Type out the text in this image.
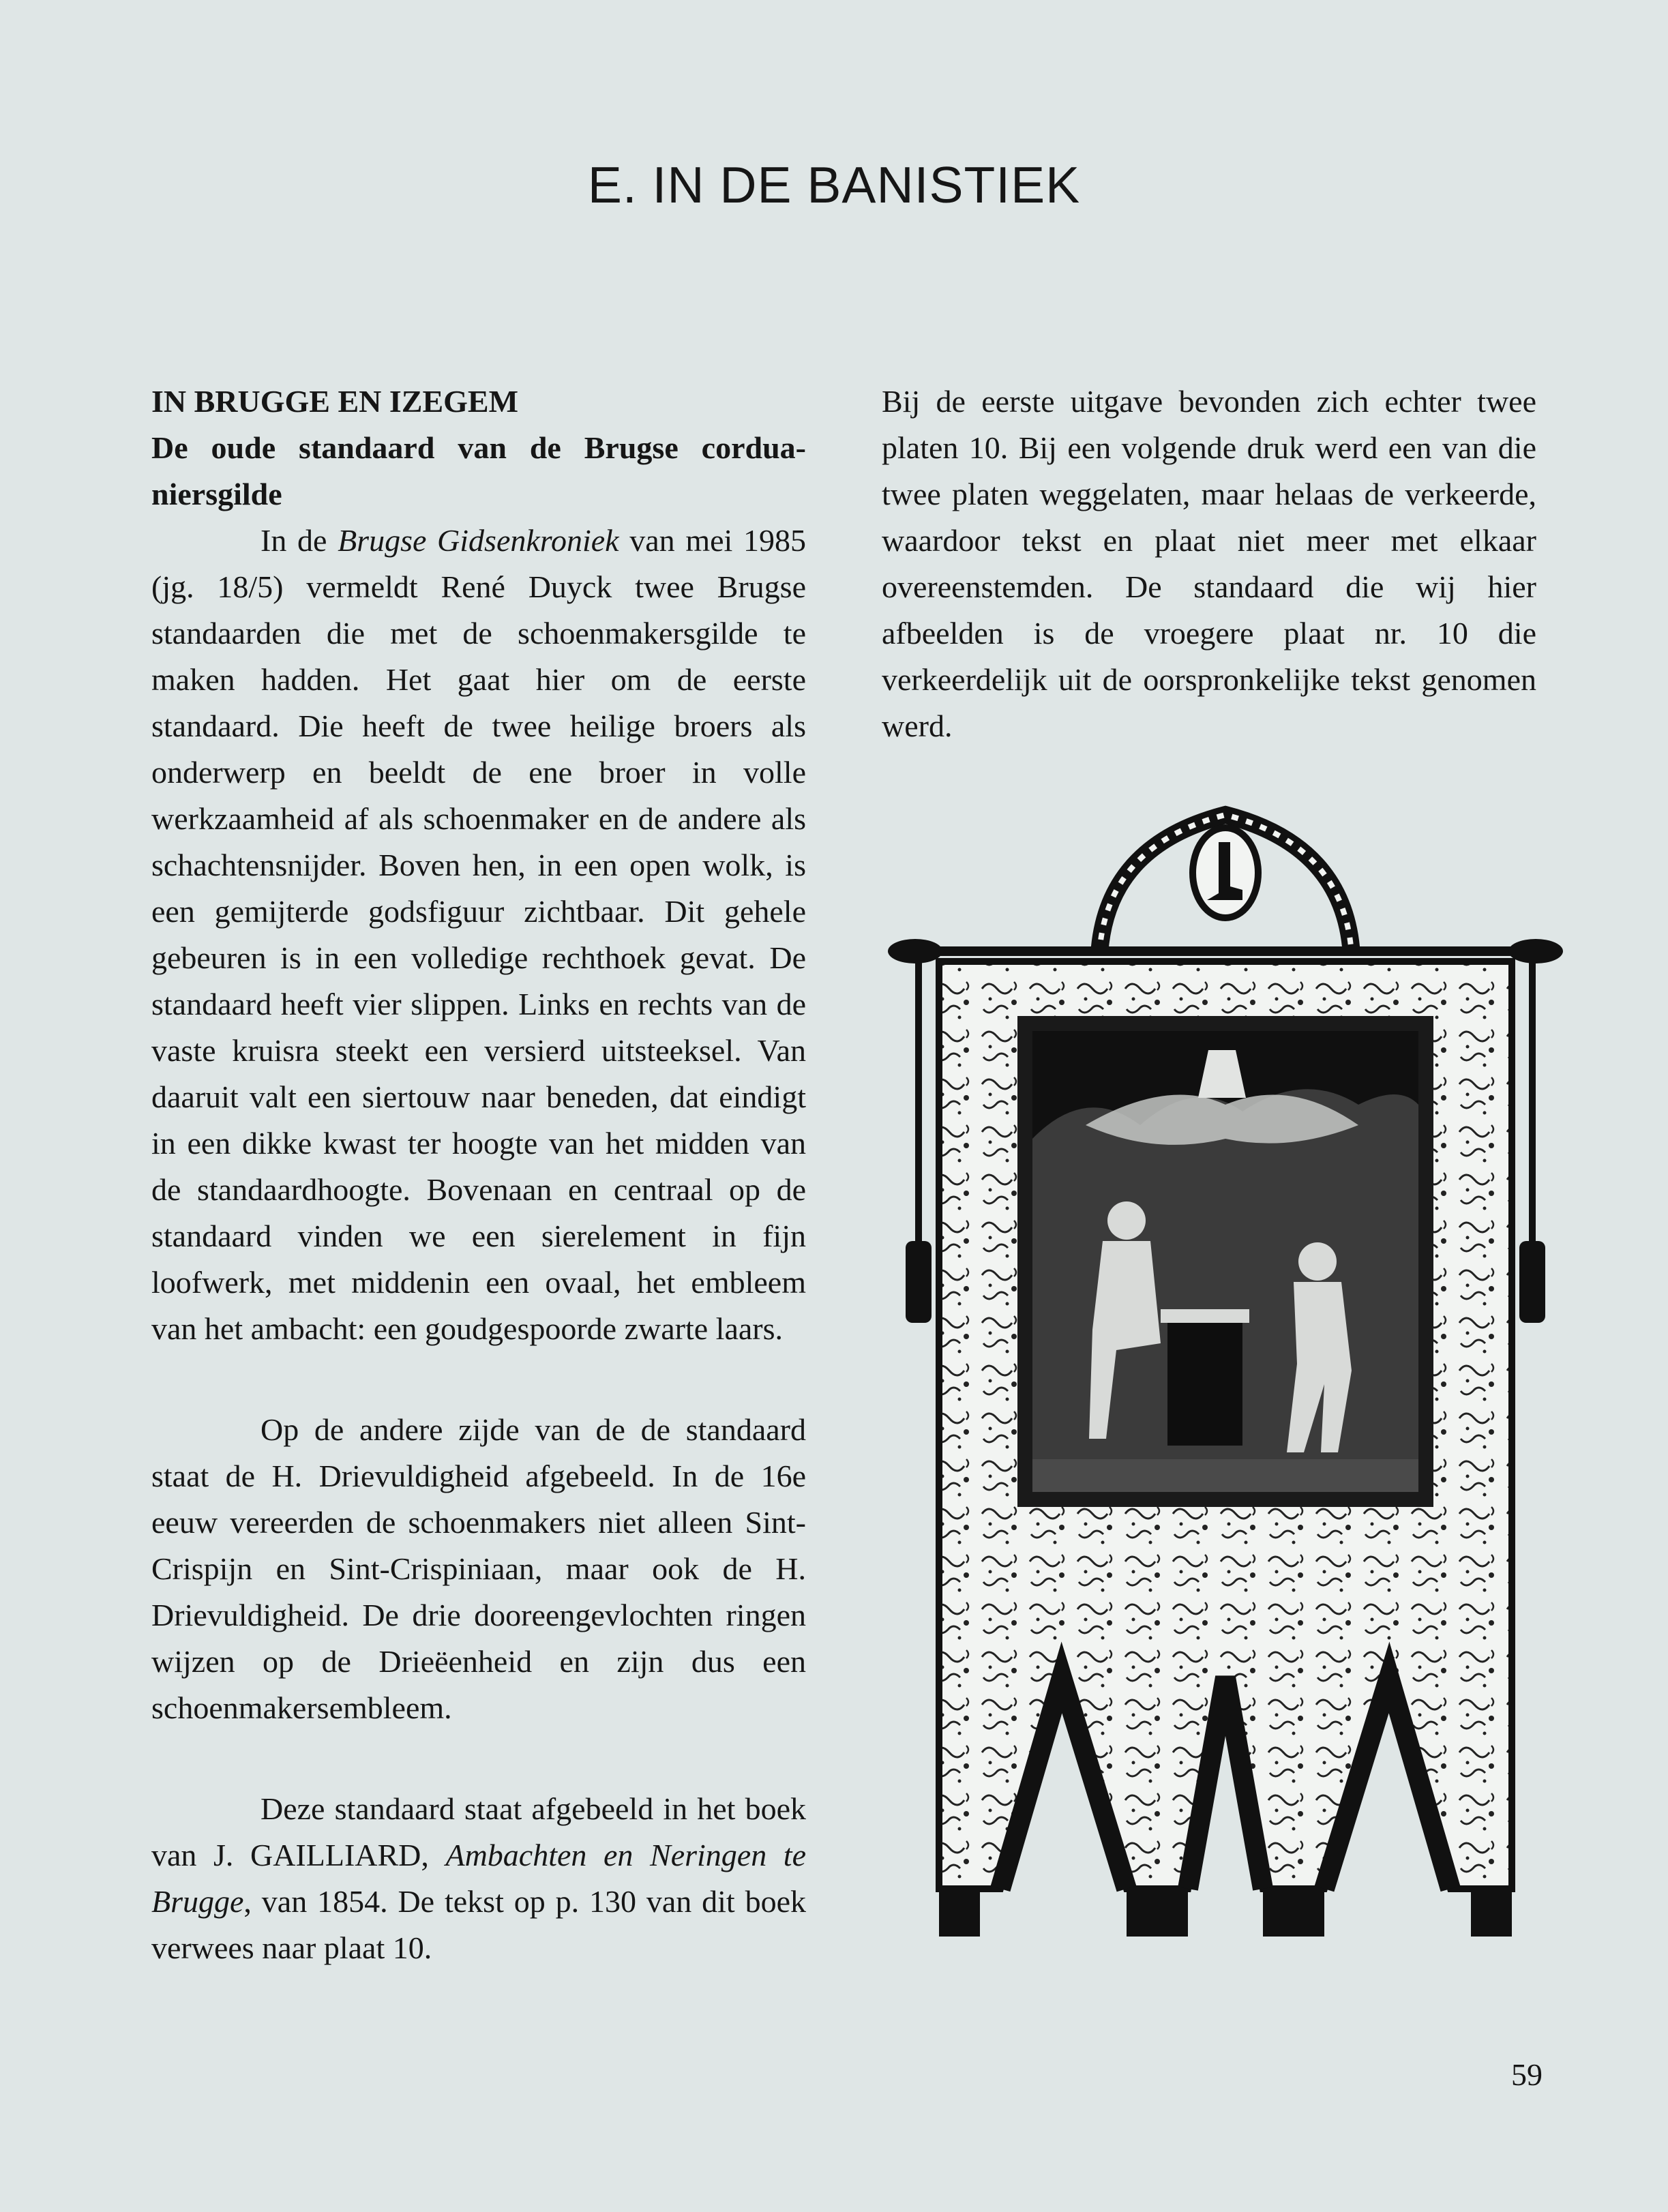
E. IN DE BANISTIEK

IN BRUGGE EN IZEGEM

De oude standaard van de Brugse corduaniersgilde

In de Brugse Gidsenkroniek van mei 1985 (jg. 18/5) vermeldt René Duyck twee Brugse standaarden die met de schoenmakersgilde te maken hadden. Het gaat hier om de eerste standaard. Die heeft de twee heilige broers als onderwerp en beeldt de ene broer in volle werkzaamheid af als schoenmaker en de andere als schachtensnijder. Boven hen, in een open wolk, is een gemijterde godsfiguur zichtbaar. Dit gehele gebeuren is in een volledige rechthoek gevat. De standaard heeft vier slippen. Links en rechts van de vaste kruisra steekt een versierd uitsteeksel. Van daaruit valt een siertouw naar beneden, dat eindigt in een dikke kwast ter hoogte van het midden van de standaardhoogte. Bovenaan en centraal op de standaard vinden we een sierelement in fijn loofwerk, met middenin een ovaal, het embleem van het ambacht: een goudgespoorde zwarte laars.

Op de andere zijde van de de standaard staat de H. Drievuldigheid afgebeeld. In de 16e eeuw vereerden de schoenmakers niet alleen Sint-Crispijn en Sint-Crispiniaan, maar ook de H. Drievuldigheid. De drie dooreengevlochten ringen wijzen op de Drieëenheid en zijn dus een schoenmakersembleem.

Deze standaard staat afgebeeld in het boek van J. GAILLIARD, Ambachten en Neringen te Brugge, van 1854. De tekst op p. 130 van dit boek verwees naar plaat 10.

Bij de eerste uitgave bevonden zich echter twee platen 10. Bij een volgende druk werd een van die twee platen weggelaten, maar helaas de verkeerde, waardoor tekst en plaat niet meer met elkaar overeenstemden. De standaard die wij hier afbeelden is de vroegere plaat nr. 10 die verkeerdelijk uit de oorspronkelijke tekst genomen werd.

59
